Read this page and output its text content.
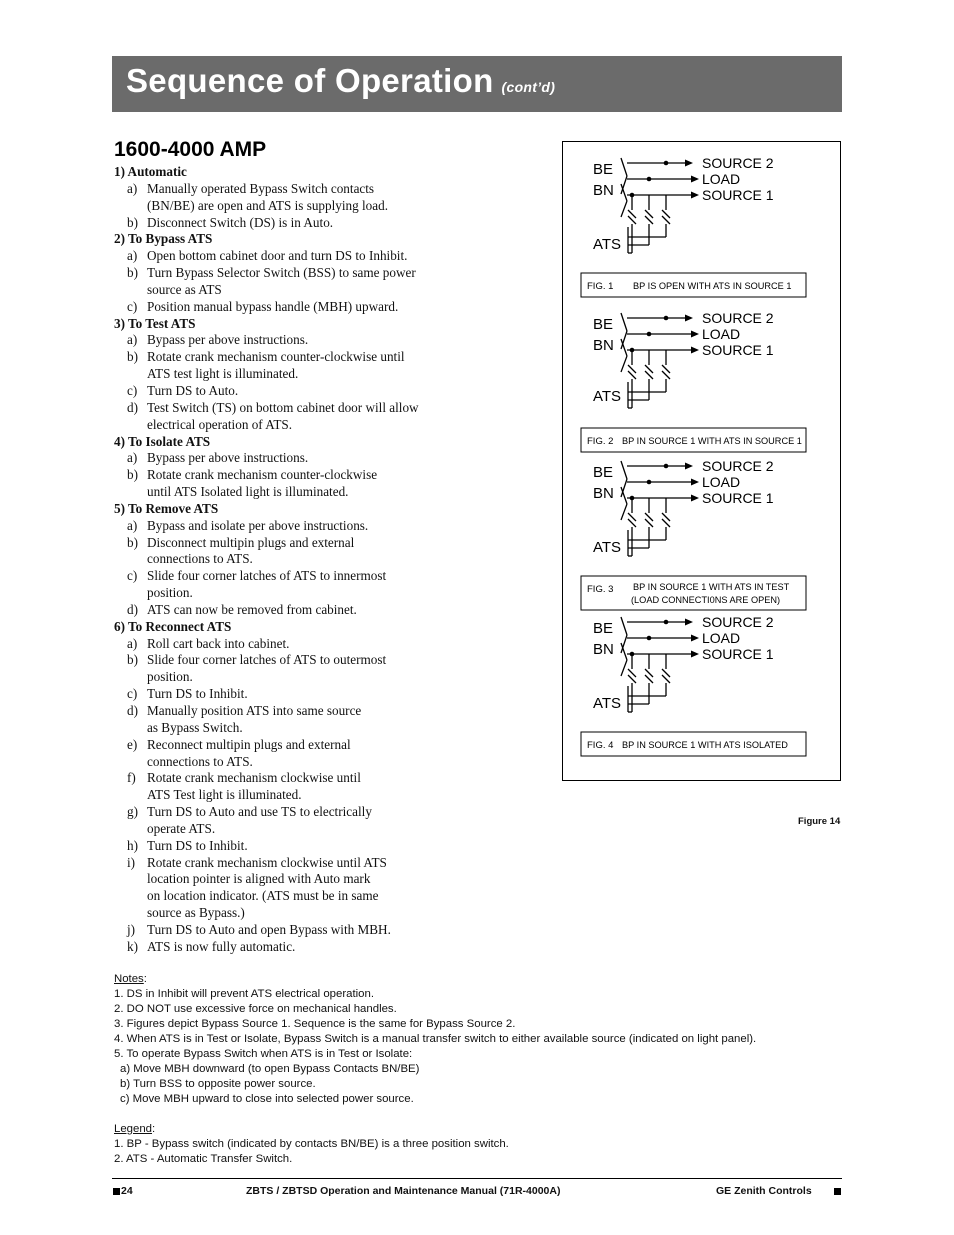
Sequence of Operation (cont’d)
1600-4000 AMP
1) Automatic
a) Manually operated Bypass Switch contacts
(BN/BE) are open and ATS is supplying load.
b) Disconnect Switch (DS) is in Auto.
2) To Bypass ATS
a) Open bottom cabinet door and turn DS to Inhibit.
b) Turn Bypass Selector Switch (BSS) to same power
source as ATS
c) Position manual bypass handle (MBH) upward.
3) To Test ATS
a) Bypass per above instructions.
b) Rotate crank mechanism counter-clockwise until
ATS test light is illuminated.
c) Turn DS to Auto.
d) Test Switch (TS) on bottom cabinet door will allow
electrical operation of ATS.
4) To Isolate ATS
a) Bypass per above instructions.
b) Rotate crank mechanism counter-clockwise
until ATS Isolated light is illuminated.
5) To Remove ATS
a) Bypass and isolate per above instructions.
b) Disconnect multipin plugs and external
connections to ATS.
c) Slide four corner latches of ATS to innermost
position.
d) ATS can now be removed from cabinet.
6) To Reconnect ATS
a) Roll cart back into cabinet.
b) Slide four corner latches of ATS to outermost
position.
c) Turn DS to Inhibit.
d) Manually position ATS into same source
as Bypass Switch.
e) Reconnect multipin plugs and external
connections to ATS.
f) Rotate crank mechanism clockwise until
ATS Test light is illuminated.
g) Turn DS to Auto and use TS to electrically
operate ATS.
h) Turn DS to Inhibit.
i) Rotate crank mechanism clockwise until ATS
location pointer is aligned with Auto mark
on location indicator. (ATS must be in same
source as Bypass.)
j) Turn DS to Auto and open Bypass with MBH.
k) ATS is now fully automatic.
BE
BN
ATS
SOURCE 2
LOAD
SOURCE 1
FIG. 1 BP IS OPEN WITH ATS IN SOURCE 1
BE
BN
ATS
SOURCE 2
LOAD
SOURCE 1
FIG. 2 BP IN SOURCE 1 WITH ATS IN SOURCE 1
BE
BN
ATS
SOURCE 2
LOAD
SOURCE 1
FIG. 3 BP IN SOURCE 1 WITH ATS IN TEST
(LOAD CONNECTI0NS ARE OPEN)
BE
BN
ATS
SOURCE 2
LOAD
SOURCE 1
FIG. 4 BP IN SOURCE 1 WITH ATS ISOLATED
Figure 14
Notes:
1. DS in Inhibit will prevent ATS electrical operation.
2. DO NOT use excessive force on mechanical handles.
3. Figures depict Bypass Source 1. Sequence is the same for Bypass Source 2.
4. When ATS is in Test or Isolate, Bypass Switch is a manual transfer switch to either available source (indicated on light panel).
5. To operate Bypass Switch when ATS is in Test or Isolate:
a) Move MBH downward (to open Bypass Contacts BN/BE)
b) Turn BSS to opposite power source.
c) Move MBH upward to close into selected power source.
Legend:
1. BP - Bypass switch (indicated by contacts BN/BE) is a three position switch.
2. ATS - Automatic Transfer Switch.
24	ZBTS / ZBTSD Operation and Maintenance Manual (71R-4000A)	GE Zenith Controls
